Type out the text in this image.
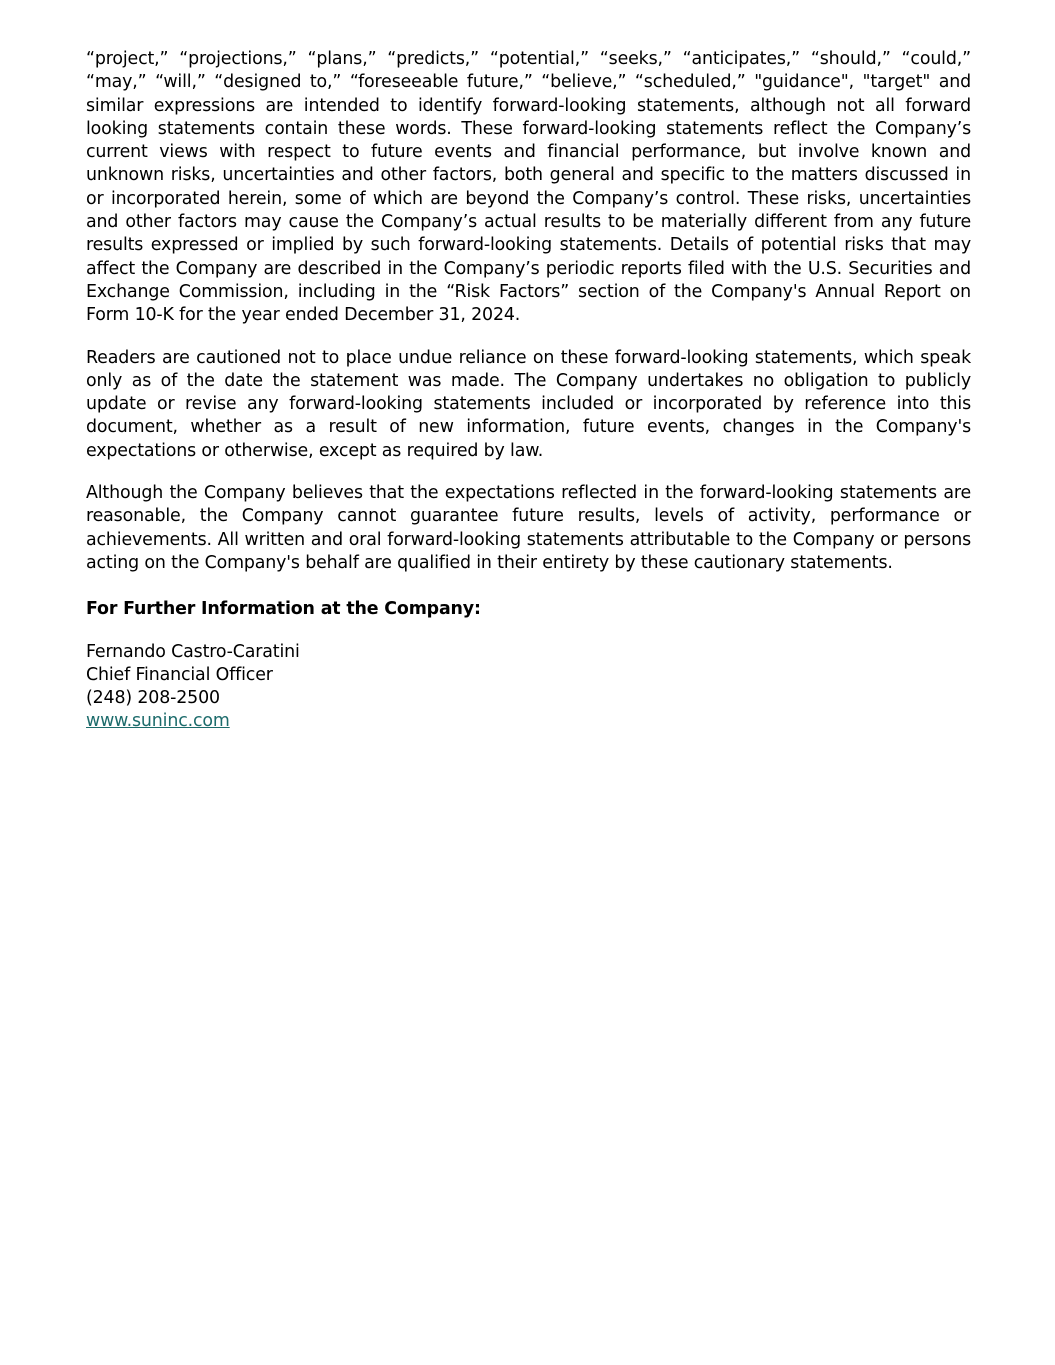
“project,” “projections,” “plans,” “predicts,” “potential,” “seeks,” “anticipates,” “should,” “could,” “may,” “will,” “designed to,” “foreseeable future,” “believe,” “scheduled,” "guidance", "target" and similar expressions are intended to identify forward-looking statements, although not all forward looking statements contain these words. These forward-looking statements reflect the Company’s current views with respect to future events and financial performance, but involve known and unknown risks, uncertainties and other factors, both general and specific to the matters discussed in or incorporated herein, some of which are beyond the Company’s control. These risks, uncertainties and other factors may cause the Company’s actual results to be materially different from any future results expressed or implied by such forward-looking statements. Details of potential risks that may affect the Company are described in the Company’s periodic reports filed with the U.S. Securities and Exchange Commission, including in the “Risk Factors” section of the Company's Annual Report on Form 10-K for the year ended December 31, 2024.

Readers are cautioned not to place undue reliance on these forward-looking statements, which speak only as of the date the statement was made. The Company undertakes no obligation to publicly update or revise any forward-looking statements included or incorporated by reference into this document, whether as a result of new information, future events, changes in the Company's expectations or otherwise, except as required by law.

Although the Company believes that the expectations reflected in the forward-looking statements are reasonable, the Company cannot guarantee future results, levels of activity, performance or achievements. All written and oral forward-looking statements attributable to the Company or persons acting on the Company's behalf are qualified in their entirety by these cautionary statements.

For Further Information at the Company:

Fernando Castro-Caratini
Chief Financial Officer
(248) 208-2500
www.suninc.com
